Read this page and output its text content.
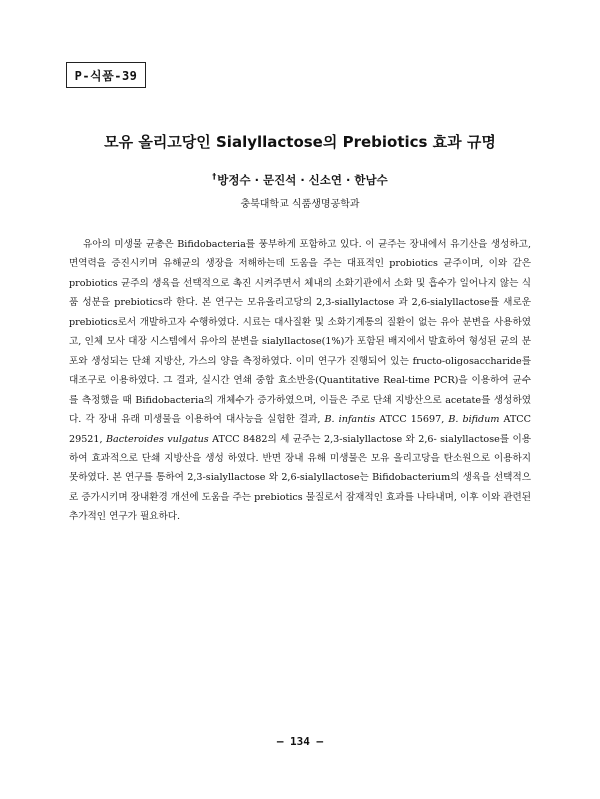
P-식품-39
모유 올리고당인 Sialyllactose의 Prebiotics 효과 규명
†방정수 · 문진석 · 신소연 · 한남수
충북대학교 식품생명공학과

유아의 미생물 균총은 Bifidobacteria를 풍부하게 포함하고 있다. 이 균주는 장내에서 유기산을 생성하고, 면역력을 증진시키며 유해균의 생장을 저해하는데 도움을 주는 대표적인 probiotics 균주이며, 이와 같은 probiotics 균주의 생육을 선택적으로 촉진 시켜주면서 체내의 소화기관에서 소화 및 흡수가 일어나지 않는 식품 성분을 prebiotics라 한다. 본 연구는 모유올리고당의 2,3-siallylactose 과 2,6-sialyllactose를 새로운 prebiotics로서 개발하고자 수행하였다. 시료는 대사질환 및 소화기계통의 질환이 없는 유아 분변을 사용하였고, 인체 모사 대장 시스템에서 유아의 분변을 sialyllactose(1%)가 포함된 배지에서 발효하여 형성된 균의 분포와 생성되는 단쇄 지방산, 가스의 양을 측정하였다. 이미 연구가 진행되어 있는 fructo-oligosaccharide를 대조구로 이용하였다. 그 결과, 실시간 연쇄 중합 효소반응(Quantitative Real-time PCR)을 이용하여 균수를 측정했을 때 Bifidobacteria의 개체수가 증가하였으며, 이들은 주로 단쇄 지방산으로 acetate를 생성하였다. 각 장내 유래 미생물을 이용하여 대사능을 실험한 결과, B. infantis ATCC 15697, B. bifidum ATCC 29521, Bacteroides vulgatus ATCC 8482의 세 균주는 2,3-sialyllactose 와 2,6- sialyllactose를 이용하여 효과적으로 단쇄 지방산을 생성 하였다. 반면 장내 유해 미생물은 모유 올리고당을 탄소원으로 이용하지 못하였다. 본 연구를 통하여 2,3-sialyllactose 와 2,6-sialyllactose는 Bifidobacterium의 생육을 선택적으로 증가시키며 장내환경 개선에 도움을 주는 prebiotics 물질로서 잠재적인 효과를 나타내며, 이후 이와 관련된 추가적인 연구가 필요하다.

– 134 –
